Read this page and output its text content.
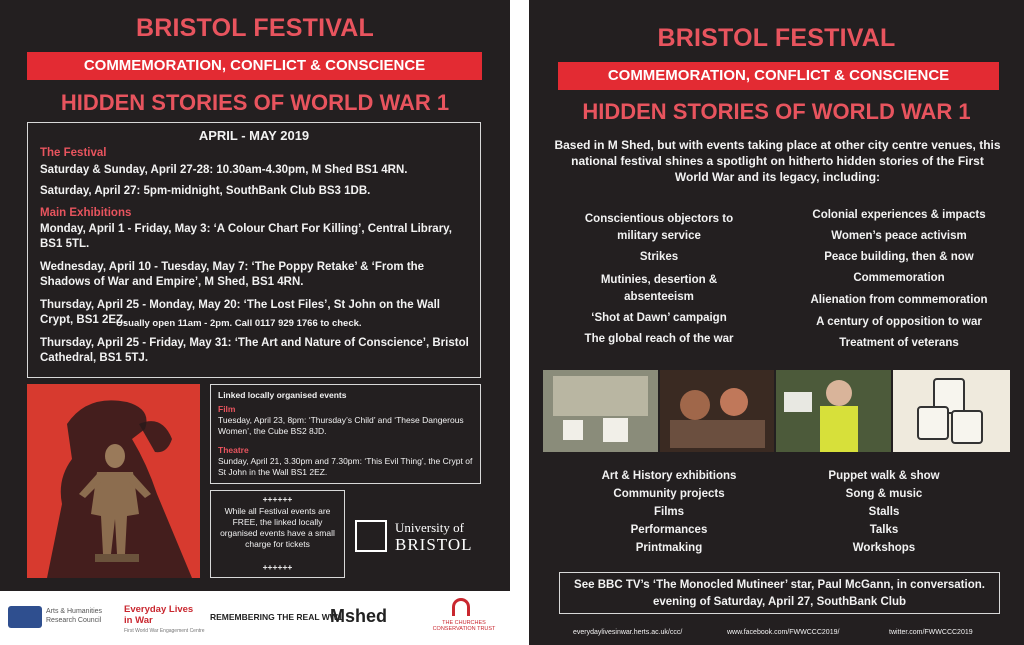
BRISTOL FESTIVAL
COMMEMORATION, CONFLICT & CONSCIENCE
HIDDEN STORIES OF WORLD WAR 1
APRIL - MAY 2019
The Festival
Saturday & Sunday, April 27-28: 10.30am-4.30pm, M Shed BS1 4RN.
Saturday, April 27: 5pm-midnight, SouthBank Club BS3 1DB.
Main Exhibitions
Monday, April 1 - Friday, May 3: ‘A Colour Chart For Killing’, Central Library, BS1 5TL.
Wednesday, April 10 - Tuesday, May 7: ‘The Poppy Retake’ & ‘From the Shadows of War and Empire’, M Shed, BS1 4RN.
Thursday, April 25 - Monday, May 20: ‘The Lost Files’, St John on the Wall Crypt, BS1 2EZ.
Usually open 11am - 2pm. Call 0117 929 1766 to check.
Thursday, April 25 - Friday, May 31: ‘The Art and Nature of Conscience’, Bristol Cathedral, BS1 5TJ.
Linked locally organised events
Film
Tuesday, April 23, 8pm: ‘Thursday’s Child’ and ‘These Dangerous Women’, the Cube BS2 8JD.
Theatre
Sunday, April 21, 3.30pm and 7.30pm: ‘This Evil Thing’, the Crypt of St John in the Wall BS1 2EZ.
++++++
While all Festival events are FREE, the linked locally organised events have a small charge for tickets
++++++
University of
BRISTOL
Arts & Humanities Research Council
Everyday Lives in War
First World War Engagement Centre
REMEMBERING THE REAL WW1
Mshed	THE CHURCHES CONSERVATION TRUST
BRISTOL FESTIVAL
COMMEMORATION, CONFLICT & CONSCIENCE
HIDDEN STORIES OF WORLD WAR 1
Based in M Shed, but with events taking place at other city centre venues, this national festival shines a spotlight on hitherto hidden stories of the First World War and its legacy, including:
Conscientious objectors to military service
Strikes
Mutinies, desertion & absenteeism
‘Shot at Dawn’ campaign
The global reach of the war
Colonial experiences & impacts
Women’s peace activism
Peace building, then & now
Commemoration
Alienation from commemoration
A century of opposition to war
Treatment of veterans
Art & History exhibitions
Community projects
Films
Performances
Printmaking
Puppet walk & show
Song & music
Stalls
Talks
Workshops
See BBC TV’s ‘The Monocled Mutineer’ star, Paul McGann, in conversation.
evening of Saturday, April 27, SouthBank Club
everydaylivesinwar.herts.ac.uk/ccc/	www.facebook.com/FWWCCC2019/	twitter.com/FWWCCC2019
